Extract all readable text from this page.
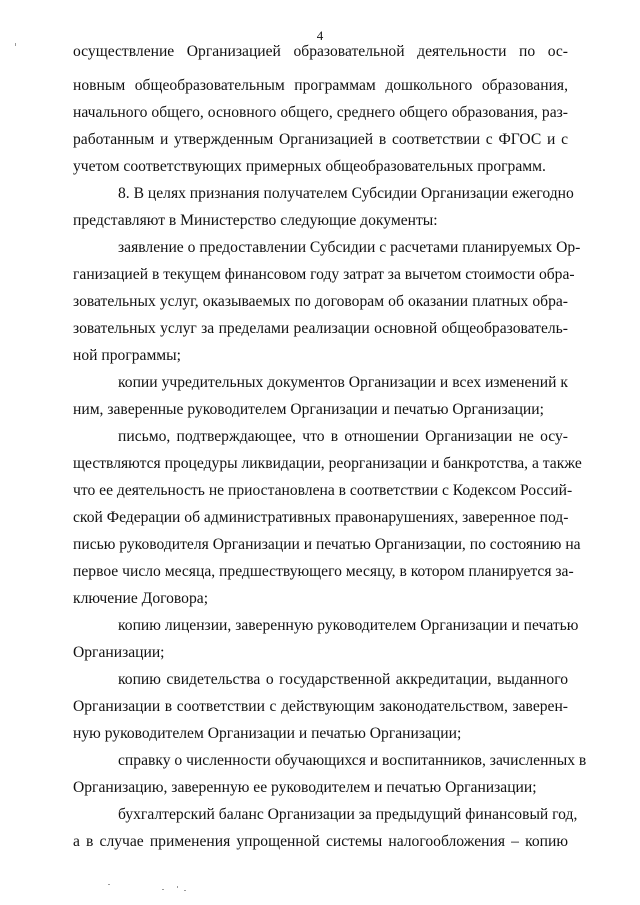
4
осуществление Организацией образовательной деятельности по ос-
новным общеобразовательным программам дошкольного образования,
начального общего, основного общего, среднего общего образования, раз-
работанным и утвержденным Организацией в соответствии с ФГОС и с
учетом соответствующих примерных общеобразовательных программ.
8. В целях признания получателем Субсидии Организации ежегодно
представляют в Министерство следующие документы:
заявление о предоставлении Субсидии с расчетами планируемых Ор-
ганизацией в текущем финансовом году затрат за вычетом стоимости обра-
зовательных услуг, оказываемых по договорам об оказании платных обра-
зовательных услуг за пределами реализации основной общеобразователь-
ной программы;
копии учредительных документов Организации и всех изменений к
ним, заверенные руководителем Организации и печатью Организации;
письмо, подтверждающее, что в отношении Организации не осу-
ществляются процедуры ликвидации, реорганизации и банкротства, а также
что ее деятельность не приостановлена в соответствии с Кодексом Россий-
ской Федерации об административных правонарушениях, заверенное под-
писью руководителя Организации и печатью Организации, по состоянию на
первое число месяца, предшествующего месяцу, в котором планируется за-
ключение Договора;
копию лицензии, заверенную руководителем Организации и печатью
Организации;
копию свидетельства о государственной аккредитации, выданного
Организации в соответствии с действующим законодательством, заверен-
ную руководителем Организации и печатью Организации;
справку о численности обучающихся и воспитанников, зачисленных в
Организацию, заверенную ее руководителем и печатью Организации;
бухгалтерский баланс Организации за предыдущий финансовый год,
а в случае применения упрощенной системы налогообложения – копию
